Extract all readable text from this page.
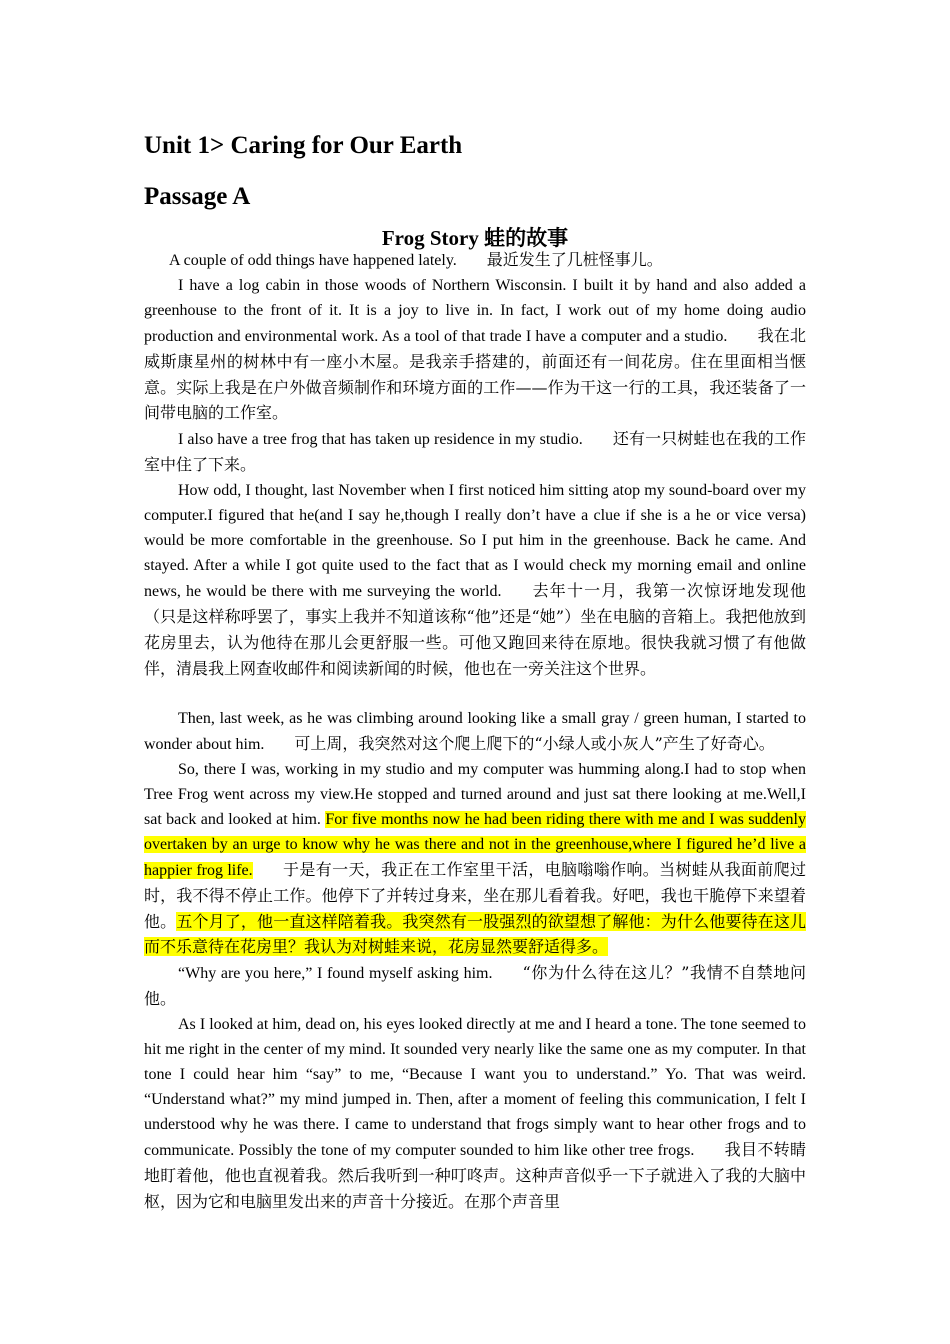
Unit 1> Caring for Our Earth
Passage A
Frog Story 蛙的故事

A couple of odd things have happened lately. 最近发生了几桩怪事儿。

I have a log cabin in those woods of Northern Wisconsin. I built it by hand and also added a greenhouse to the front of it. It is a joy to live in. In fact, I work out of my home doing audio production and environmental work. As a tool of that trade I have a computer and a studio. 我在北威斯康星州的树林中有一座小木屋。是我亲手搭建的，前面还有一间花房。住在里面相当惬意。实际上我是在户外做音频制作和环境方面的工作——作为干这一行的工具，我还装备了一间带电脑的工作室。

I also have a tree frog that has taken up residence in my studio. 还有一只树蛙也在我的工作室中住了下来。

How odd, I thought, last November when I first noticed him sitting atop my sound-board over my computer.I figured that he(and I say he,though I really don’t have a clue if she is a he or vice versa) would be more comfortable in the greenhouse. So I put him in the greenhouse. Back he came. And stayed. After a while I got quite used to the fact that as I would check my morning email and online news, he would be there with me surveying the world. 去年十一月，我第一次惊讶地发现他（只是这样称呼罢了，事实上我并不知道该称“他”还是“她”）坐在电脑的音箱上。我把他放到花房里去，认为他待在那儿会更舒服一些。可他又跑回来待在原地。很快我就习惯了有他做伴，清晨我上网查收邮件和阅读新闻的时候，他也在一旁关注这个世界。

Then, last week, as he was climbing around looking like a small gray / green human, I started to wonder about him. 可上周，我突然对这个爬上爬下的“小绿人或小灰人”产生了好奇心。

So, there I was, working in my studio and my computer was humming along.I had to stop when Tree Frog went across my view.He stopped and turned around and just sat there looking at me.Well,I sat back and looked at him. For five months now he had been riding there with me and I was suddenly overtaken by an urge to know why he was there and not in the greenhouse,where I figured he’d live a happier frog life. 于是有一天，我正在工作室里干活，电脑嗡嗡作响。当树蛙从我面前爬过时，我不得不停止工作。他停下了并转过身来，坐在那儿看着我。好吧，我也干脆停下来望着他。五个月了，他一直这样陪着我。我突然有一股强烈的欲望想了解他：为什么他要待在这儿而不乐意待在花房里？我认为对树蛙来说，花房显然要舒适得多。

“Why are you here,” I found myself asking him. “你为什么待在这儿？”我情不自禁地问他。

As I looked at him, dead on, his eyes looked directly at me and I heard a tone. The tone seemed to hit me right in the center of my mind. It sounded very nearly like the same one as my computer. In that tone I could hear him “say” to me, “Because I want you to understand.” Yo. That was weird. “Understand what?” my mind jumped in. Then, after a moment of feeling this communication, I felt I understood why he was there. I came to understand that frogs simply want to hear other frogs and to communicate. Possibly the tone of my computer sounded to him like other tree frogs. 我目不转睛地盯着他，他也直视着我。然后我听到一种叮咚声。这种声音似乎一下子就进入了我的大脑中枢，因为它和电脑里发出来的声音十分接近。在那个声音里
